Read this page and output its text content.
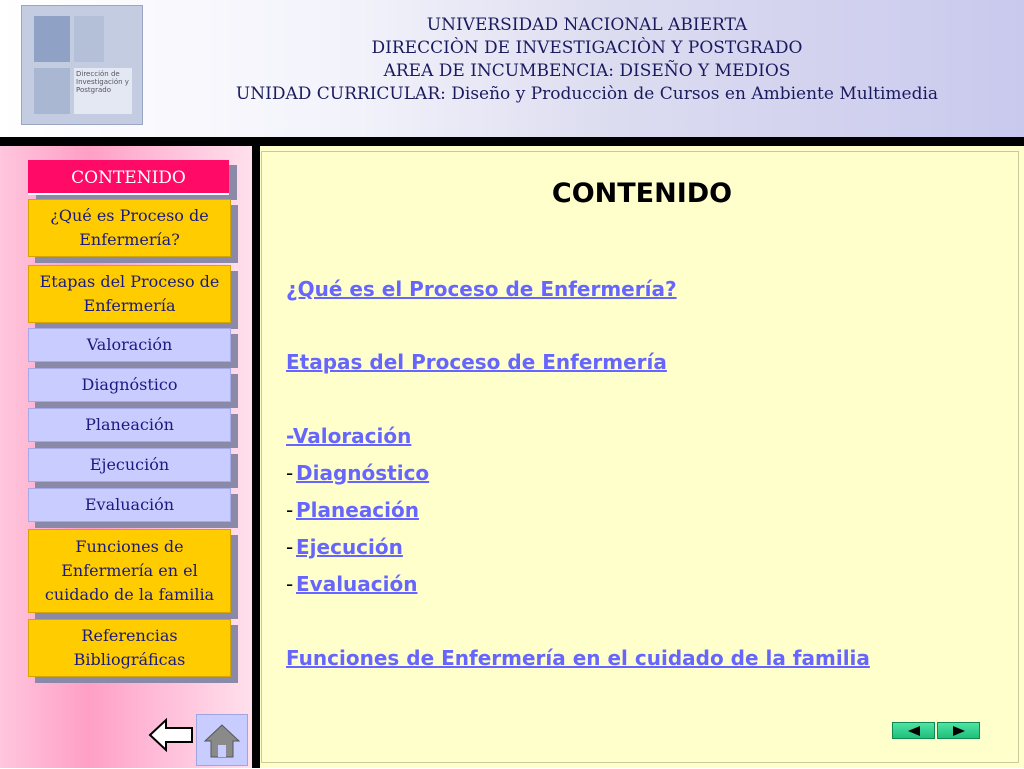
Dirección de Investigación y Postgrado
UNIVERSIDAD NACIONAL ABIERTA
DIRECCIÒN DE INVESTIGACIÒN Y POSTGRADO
AREA DE INCUMBENCIA: DISEÑO Y MEDIOS
UNIDAD CURRICULAR: Diseño y Producciòn de Cursos en Ambiente Multimedia
CONTENIDO
¿Qué es Proceso de Enfermería?
Etapas del Proceso de Enfermería
Valoración
Diagnóstico
Planeación
Ejecución
Evaluación
Funciones de Enfermería en el cuidado de la familia
Referencias Bibliográficas
CONTENIDO
¿Qué es el Proceso de Enfermería?
Etapas del Proceso de Enfermería
-Valoración
- Diagnóstico
- Planeación
- Ejecución
- Evaluación
Funciones de Enfermería en el cuidado de la familia
